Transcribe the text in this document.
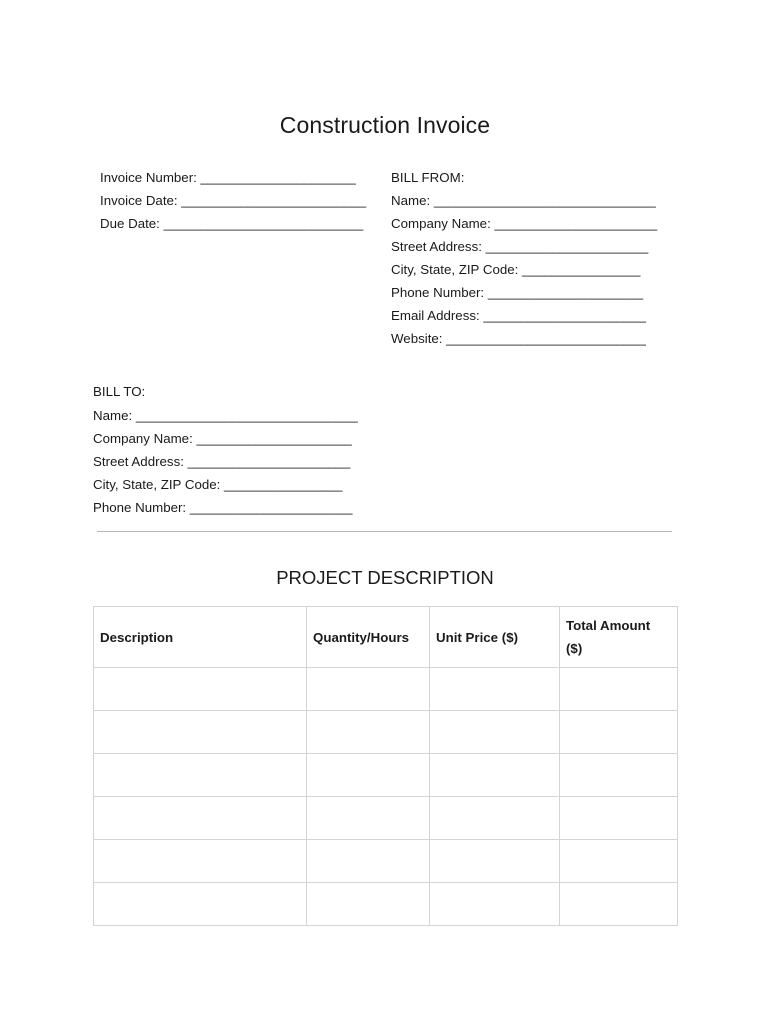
Construction Invoice
Invoice Number: _____________________
Invoice Date: _________________________
Due Date: ___________________________
BILL FROM:
Name: ______________________________
Company Name: ______________________
Street Address: ______________________
City, State, ZIP Code: ________________
Phone Number: _____________________
Email Address: ______________________
Website: ___________________________
BILL TO:
Name: ______________________________
Company Name: _____________________
Street Address: ______________________
City, State, ZIP Code: ________________
Phone Number: ______________________
PROJECT DESCRIPTION
Description	Quantity/Hours	Unit Price ($)	Total Amount
($)
